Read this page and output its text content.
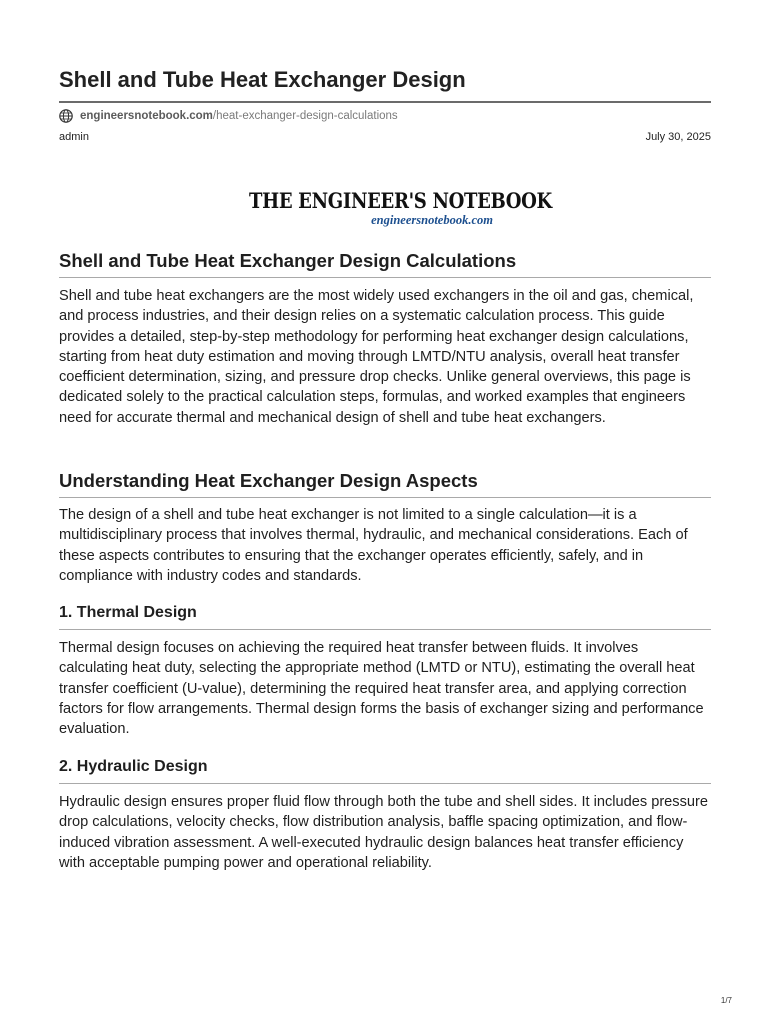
Shell and Tube Heat Exchanger Design
engineersnotebook.com /heat-exchanger-design-calculations
admin	July 30, 2025
THE ENGINEER'S NOTEBOOK
engineersnotebook.com
Shell and Tube Heat Exchanger Design Calculations

Shell and tube heat exchangers are the most widely used exchangers in the oil and gas, chemical, and process industries, and their design relies on a systematic calculation process. This guide provides a detailed, step-by-step methodology for performing heat exchanger design calculations, starting from heat duty estimation and moving through LMTD/NTU analysis, overall heat transfer coefficient determination, sizing, and pressure drop checks. Unlike general overviews, this page is dedicated solely to the practical calculation steps, formulas, and worked examples that engineers need for accurate thermal and mechanical design of shell and tube heat exchangers.

Understanding Heat Exchanger Design Aspects

The design of a shell and tube heat exchanger is not limited to a single calculation—it is a multidisciplinary process that involves thermal, hydraulic, and mechanical considerations. Each of these aspects contributes to ensuring that the exchanger operates efficiently, safely, and in compliance with industry codes and standards.

1. Thermal Design

Thermal design focuses on achieving the required heat transfer between fluids. It involves calculating heat duty, selecting the appropriate method (LMTD or NTU), estimating the overall heat transfer coefficient (U-value), determining the required heat transfer area, and applying correction factors for flow arrangements. Thermal design forms the basis of exchanger sizing and performance evaluation.

2. Hydraulic Design

Hydraulic design ensures proper fluid flow through both the tube and shell sides. It includes pressure drop calculations, velocity checks, flow distribution analysis, baffle spacing optimization, and flow-induced vibration assessment. A well-executed hydraulic design balances heat transfer efficiency with acceptable pumping power and operational reliability.

1/7
